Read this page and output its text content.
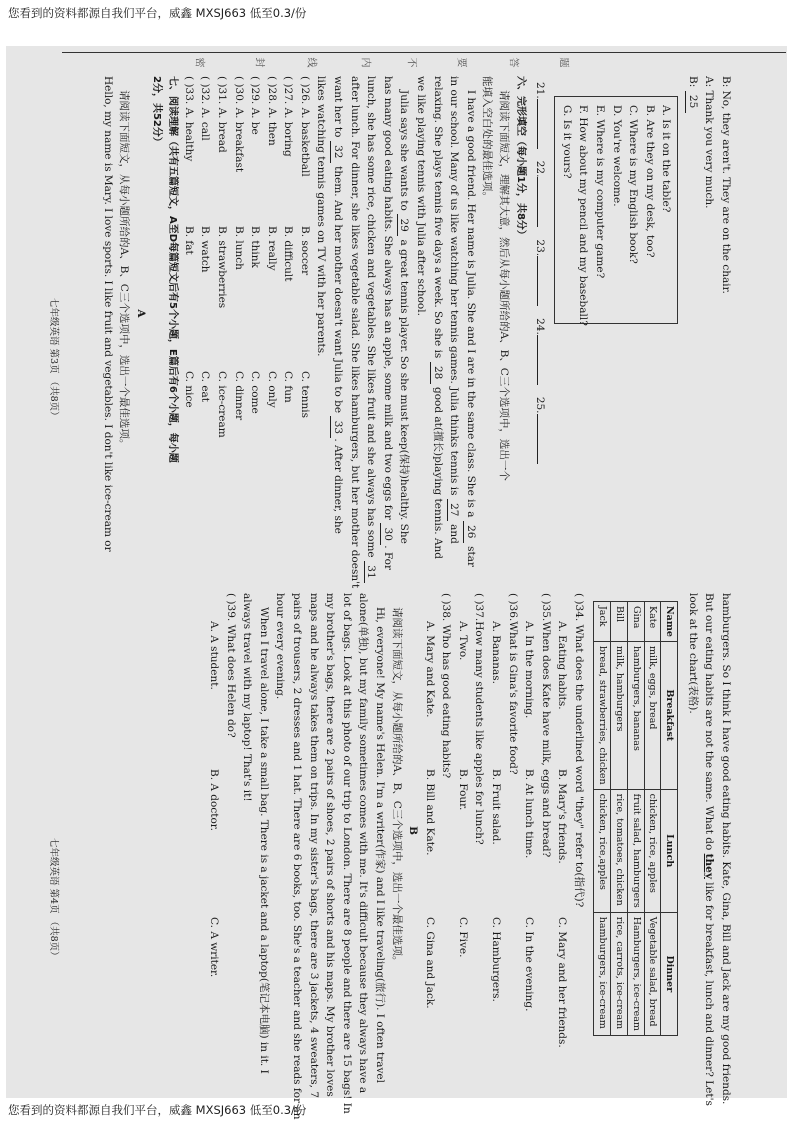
您看到的资料都源自我们平台，威鑫 MXSJ663 低至0.3/份
密	封	线	内	不	要	答	题
B: No, they aren't. They are on the chair.
A: Thank you very much.
B: 25
A. Is it on the table?
B. Are they on my desk, too?
C. Where is my English book?
D. You're welcome.
E. Where is my computer game?
F. How about my pencil and my baseball?
G. Is it yours?
21.
22.
23.
24.
25.
六、完形填空（每小题1分，共8分）
请阅读下面短文，理解其大意，然后从每小题所给的A、B、C三个选项中，选出一个
能填入空白处的最佳选项。
I have a good friend. Her name is Julia. She and I are in the same class. She is a 26 star
in our school. Many of us like watching her tennis games. Julia thinks tennis is 27 and
relaxing. She plays tennis five days a week. So she is 28 good at(擅长)playing tennis. And
we like playing tennis with Julia after school.
Julia says she wants to 29 a great tennis player. So she must keep(保持)healthy. She
has many good eating habits. She always has an apple, some milk and two eggs for 30. For
lunch, she has some rice, chicken and vegetables. She likes fruit and she always has some 31
after lunch. For dinner, she likes vegetable salad. She likes hamburgers, but her mother doesn't
want her to 32 them. And her mother doesn't want Julia to be 33. After dinner, she
likes watching tennis games on TV with her parents.
( )26. A. basketball
B. soccer
C. tennis
( )27. A. boring
B. difficult
C. fun
( )28. A. then
B. really
C. only
( )29. A. be
B. think
C. come
( )30. A. breakfast
B. lunch
C. dinner
( )31. A. bread
B. strawberries
C. ice-cream
( )32. A. call
B. watch
C. eat
( )33. A. healthy
B. fat
C. nice
七、阅读理解（共有五篇短文，A至D每篇短文后有5个小题，E篇后有6个小题，每小题
2分，共52分）
A
请阅读下面短文，从每小题所给的A、B、C三个选项中，选出一个最佳选项。
Hello, my name is Mary. I love sports. I like fruit and vegetables. I don't like ice-cream or
七年级英语 第3页 （共8页）
hamburgers. So I think I have good eating habits. Kate, Gina, Bill and Jack are my good friends.
But our eating habits are not the same. What do they like for breakfast, lunch and dinner? Let's
look at the chart(表格).
Name	Breakfast	Lunch	Dinner
Kate	milk, eggs, bread	chicken, rice, apples	Vegetable salad, bread
Gina	hamburgers, bananas	fruit salad, hamburgers	Hamburgers, ice-cream
Bill	milk, hamburgers	rice, tomatoes, chicken	rice, carrots, ice-cream
Jack	bread, strawberries, chicken	chicken, rice,apples	hamburgers, ice-cream
( )34. What does the underlined word "they" refer to(指代)?
A. Eating habits.
B. Mary's friends.
C. Mary and her friends.
( )35.When does Kate have milk, eggs and bread?
A. In the morning.
B. At lunch time.
C. In the evening.
( )36.What is Gina's favorite food?
A. Bananas.
B. Fruit salad.
C. Hamburgers.
( )37.How many students like apples for lunch?
A. Two.
B. Four.
C. Five.
( )38. Who has good eating habits?
A. Mary and Kate.
B. Bill and Kate.
C. Gina and Jack.
B
请阅读下面短文，从每小题所给的A、B、C三个选项中，选出一个最佳选项。
Hi, everyone! My name's Helen. I'm a writer(作家) and I like traveling(旅行). I often travel
alone(单独), but my family sometimes comes with me. It's difficult because they always have a
lot of bags. Look at this photo of our trip to London. There are 8 people and there are 15 bags! In
my brother's bags, there are 2 pairs of shoes, 2 pairs of shorts and his maps. My brother loves
maps and he always takes them on trips. In my sister's bags, there are 3 jackets, 4 sweaters, 7
pairs of trousers, 2 dresses and 1 hat. There are 6 books, too. She's a teacher and she reads for an
hour every evening.
When I travel alone, I take a small bag. There is a jacket and a laptop(笔记本电脑) in it. I
always travel with my laptop! That's it!
( )39. What does Helen do?
A. A student.
B. A doctor.
C. A writer.
七年级英语 第4页 （共8页）
您看到的资料都源自我们平台，威鑫 MXSJ663 低至0.3/份
